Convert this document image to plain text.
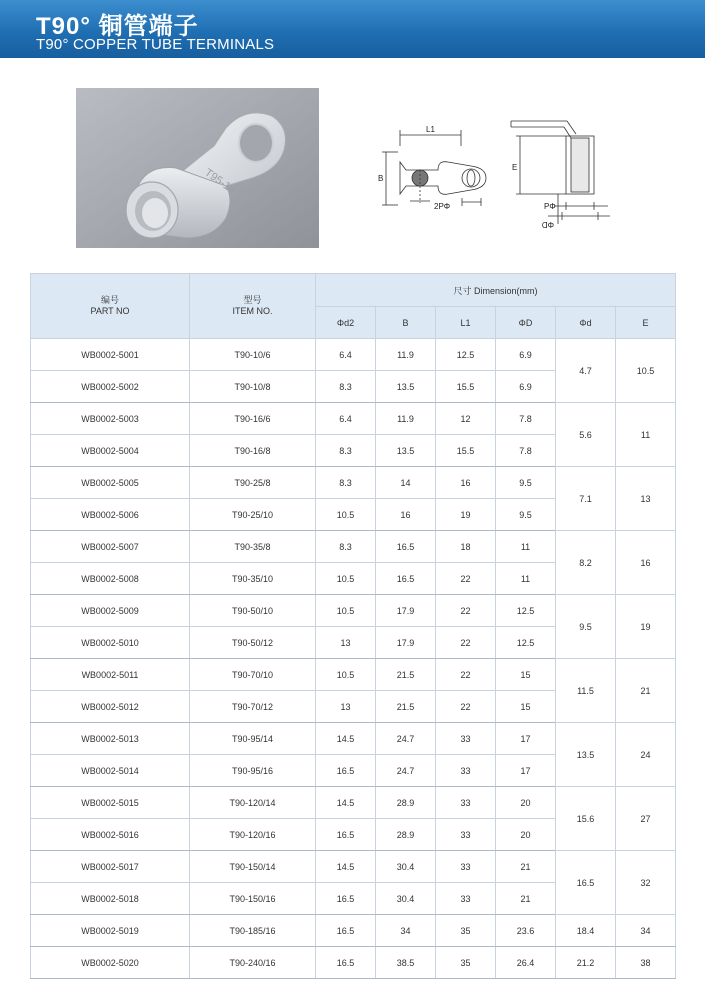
T90° 铜管端子
T90° COPPER TUBE TERMINALS
T95-14
L1
B
2PΦ
E
PΦ
ΦD
编号
PART NO	型号
ITEM NO.	尺寸 Dimension(mm)					
		Φd2	B	L1	ΦD	Φd	E
WB0002-5001	T90-10/6	6.4	11.9	12.5	6.9	4.7	10.5
WB0002-5002	T90-10/8	8.3	13.5	15.5	6.9		
WB0002-5003	T90-16/6	6.4	11.9	12	7.8	5.6	11
WB0002-5004	T90-16/8	8.3	13.5	15.5	7.8		
WB0002-5005	T90-25/8	8.3	14	16	9.5	7.1	13
WB0002-5006	T90-25/10	10.5	16	19	9.5		
WB0002-5007	T90-35/8	8.3	16.5	18	11	8.2	16
WB0002-5008	T90-35/10	10.5	16.5	22	11		
WB0002-5009	T90-50/10	10.5	17.9	22	12.5	9.5	19
WB0002-5010	T90-50/12	13	17.9	22	12.5		
WB0002-5011	T90-70/10	10.5	21.5	22	15	11.5	21
WB0002-5012	T90-70/12	13	21.5	22	15		
WB0002-5013	T90-95/14	14.5	24.7	33	17	13.5	24
WB0002-5014	T90-95/16	16.5	24.7	33	17		
WB0002-5015	T90-120/14	14.5	28.9	33	20	15.6	27
WB0002-5016	T90-120/16	16.5	28.9	33	20		
WB0002-5017	T90-150/14	14.5	30.4	33	21	16.5	32
WB0002-5018	T90-150/16	16.5	30.4	33	21		
WB0002-5019	T90-185/16	16.5	34	35	23.6	18.4	34
WB0002-5020	T90-240/16	16.5	38.5	35	26.4	21.2	38
